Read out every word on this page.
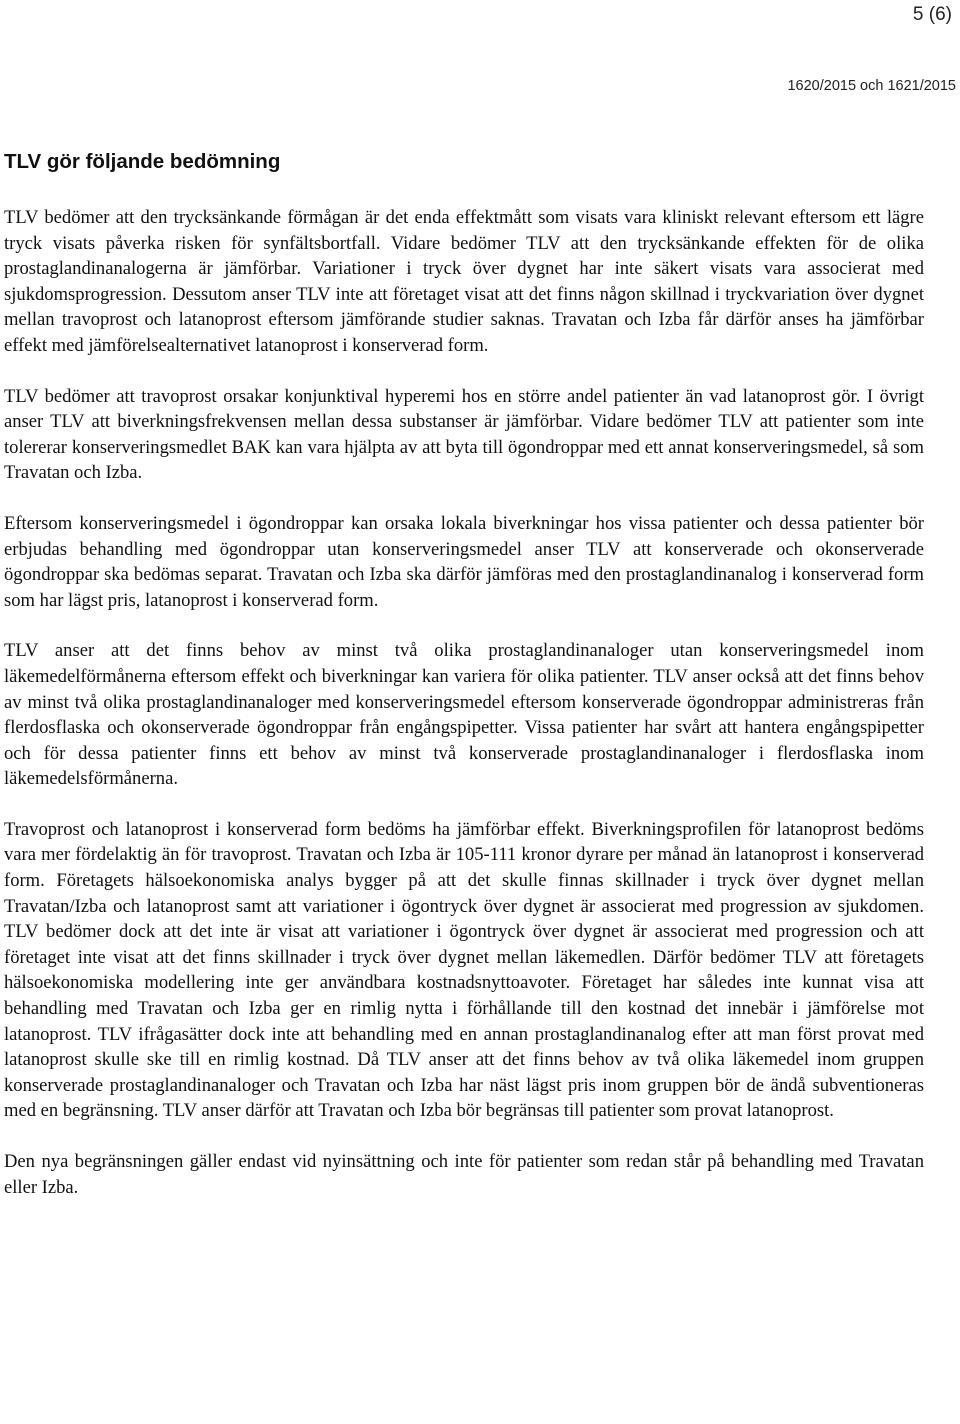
5 (6)
1620/2015 och 1621/2015
TLV gör följande bedömning

TLV bedömer att den trycksänkande förmågan är det enda effektmått som visats vara kliniskt relevant eftersom ett lägre tryck visats påverka risken för synfältsbortfall. Vidare bedömer TLV att den trycksänkande effekten för de olika prostaglandinanalogerna är jämförbar. Variationer i tryck över dygnet har inte säkert visats vara associerat med sjukdomsprogression. Dessutom anser TLV inte att företaget visat att det finns någon skillnad i tryckvariation över dygnet mellan travoprost och latanoprost eftersom jämförande studier saknas. Travatan och Izba får därför anses ha jämförbar effekt med jämförelsealternativet latanoprost i konserverad form.

TLV bedömer att travoprost orsakar konjunktival hyperemi hos en större andel patienter än vad latanoprost gör. I övrigt anser TLV att biverkningsfrekvensen mellan dessa substanser är jämförbar. Vidare bedömer TLV att patienter som inte tolererar konserveringsmedlet BAK kan vara hjälpta av att byta till ögondroppar med ett annat konserveringsmedel, så som Travatan och Izba.

Eftersom konserveringsmedel i ögondroppar kan orsaka lokala biverkningar hos vissa patienter och dessa patienter bör erbjudas behandling med ögondroppar utan konserveringsmedel anser TLV att konserverade och okonserverade ögondroppar ska bedömas separat. Travatan och Izba ska därför jämföras med den prostaglandinanalog i konserverad form som har lägst pris, latanoprost i konserverad form.

TLV anser att det finns behov av minst två olika prostaglandinanaloger utan konserveringsmedel inom läkemedelförmånerna eftersom effekt och biverkningar kan variera för olika patienter. TLV anser också att det finns behov av minst två olika prostaglandinanaloger med konserveringsmedel eftersom konserverade ögondroppar administreras från flerdosflaska och okonserverade ögondroppar från engångspipetter. Vissa patienter har svårt att hantera engångspipetter och för dessa patienter finns ett behov av minst två konserverade prostaglandinanaloger i flerdosflaska inom läkemedelsförmånerna.

Travoprost och latanoprost i konserverad form bedöms ha jämförbar effekt. Biverkningsprofilen för latanoprost bedöms vara mer fördelaktig än för travoprost. Travatan och Izba är 105-111 kronor dyrare per månad än latanoprost i konserverad form. Företagets hälsoekonomiska analys bygger på att det skulle finnas skillnader i tryck över dygnet mellan Travatan/Izba och latanoprost samt att variationer i ögontryck över dygnet är associerat med progression av sjukdomen. TLV bedömer dock att det inte är visat att variationer i ögontryck över dygnet är associerat med progression och att företaget inte visat att det finns skillnader i tryck över dygnet mellan läkemedlen. Därför bedömer TLV att företagets hälsoekonomiska modellering inte ger användbara kostnadsnyttoavoter. Företaget har således inte kunnat visa att behandling med Travatan och Izba ger en rimlig nytta i förhållande till den kostnad det innebär i jämförelse mot latanoprost. TLV ifrågasätter dock inte att behandling med en annan prostaglandinanalog efter att man först provat med latanoprost skulle ske till en rimlig kostnad. Då TLV anser att det finns behov av två olika läkemedel inom gruppen konserverade prostaglandinanaloger och Travatan och Izba har näst lägst pris inom gruppen bör de ändå subventioneras med en begränsning. TLV anser därför att Travatan och Izba bör begränsas till patienter som provat latanoprost.

Den nya begränsningen gäller endast vid nyinsättning och inte för patienter som redan står på behandling med Travatan eller Izba.
